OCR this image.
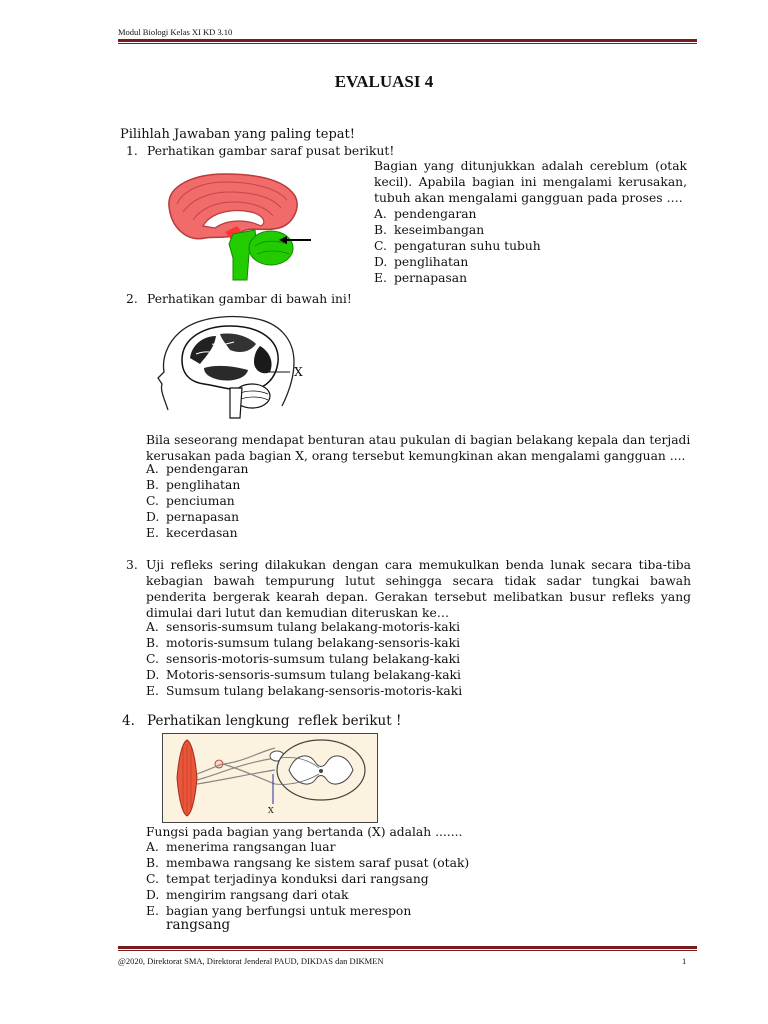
Modul Biologi Kelas XI KD 3.10
EVALUASI 4
Pilihlah Jawaban yang paling tepat!
1. Perhatikan gambar saraf pusat berikut!
Bagian yang ditunjukkan adalah cereblum (otak kecil). Apabila bagian ini mengalami kerusakan, tubuh akan mengalami gangguan pada proses ….
A. pendengaran
B. keseimbangan
C. pengaturan suhu tubuh
D. penglihatan
E. pernapasan
2. Perhatikan gambar di bawah ini!
X
Bila seseorang mendapat benturan atau pukulan di bagian belakang kepala dan terjadi kerusakan pada bagian X, orang tersebut kemungkinan akan mengalami gangguan ....
A. pendengaran
B. penglihatan
C. penciuman
D. pernapasan
E. kecerdasan
3. Uji refleks sering dilakukan dengan cara memukulkan benda lunak secara tiba-tiba kebagian bawah tempurung lutut sehingga secara tidak sadar tungkai bawah penderita bergerak kearah depan. Gerakan tersebut melibatkan busur refleks yang dimulai dari lutut dan kemudian diteruskan ke…
A. sensoris-sumsum tulang belakang-motoris-kaki
B. motoris-sumsum tulang belakang-sensoris-kaki
C. sensoris-motoris-sumsum tulang belakang-kaki
D. Motoris-sensoris-sumsum tulang belakang-kaki
E. Sumsum tulang belakang-sensoris-motoris-kaki
4. Perhatikan lengkung  reflek berikut !
X
Fungsi pada bagian yang bertanda (X) adalah .......
A. menerima rangsangan luar
B. membawa rangsang ke sistem saraf pusat (otak)
C. tempat terjadinya konduksi dari rangsang
D. mengirim rangsang dari otak
E. bagian yang berfungsi untuk merespon
rangsang
@2020, Direktorat SMA, Direktorat Jenderal PAUD, DIKDAS dan DIKMEN	1
